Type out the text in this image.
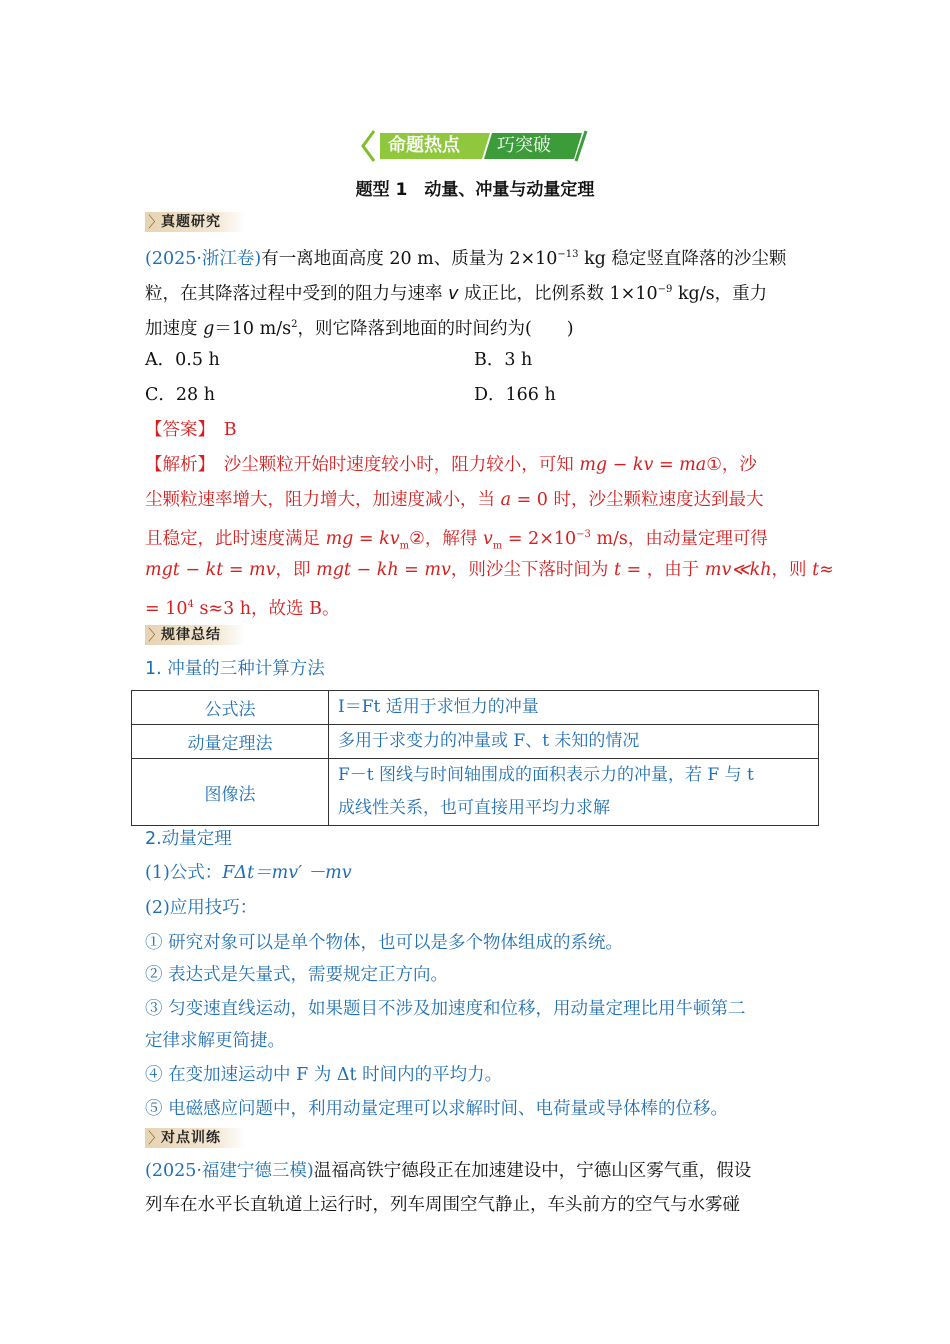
命题热点 巧突破
题型 1　动量、冲量与动量定理
〉
真题研究
(2025·浙江卷)有一离地面高度 20 m、质量为 $2\times 10^{-13}$ kg 稳定竖直降落的沙尘颗
粒，在其降落过程中受到的阻力与速率 v 成正比，比例系数 $1\times 10^{-9}$ kg/s，重力
加速度 g＝10 $m/s^2$，则它降落到地面的时间约为(　　)
A．0.5 h	B．3 h
C．28 h	D．166 h
【答案】　 B
【解析】　 沙尘颗粒开始时速度较小时，阻力较小，可知 mg − kv = ma①，沙
尘颗粒速率增大，阻力增大，加速度减小，当 a = 0 时，沙尘颗粒速度达到最大
且稳定，此时速度满足 mg = $kv_m②$，解得 $v_m = 2\times 10^{-3}$ m/s，由动量定理可得
mgt − kt = mv，即 mgt − kh = mv，则沙尘下落时间为 t = ，由于 mv≪kh，则 t≈
= $10^4$ s≈3 h，故选 B。
〉
规律总结
1. 冲量的三种计算方法
公式法	I＝Ft 适用于求恒力的冲量
动量定理法	多用于求变力的冲量或 F、t 未知的情况
图像法	F－t 图线与时间轴围成的面积表示力的冲量，若 F 与 t
成线性关系，也可直接用平均力求解
2.动量定理
(1)公式：FΔt＝mv′ －mv
(2)应用技巧：
① 研究对象可以是单个物体，也可以是多个物体组成的系统。
② 表达式是矢量式，需要规定正方向。
③ 匀变速直线运动，如果题目不涉及加速度和位移，用动量定理比用牛顿第二
定律求解更简捷。
④ 在变加速运动中 F 为 Δt 时间内的平均力。
⑤ 电磁感应问题中，利用动量定理可以求解时间、电荷量或导体棒的位移。
〉
对点训练
(2025·福建宁德三模)温福高铁宁德段正在加速建设中，宁德山区雾气重，假设
列车在水平长直轨道上运行时，列车周围空气静止，车头前方的空气与水雾碰
